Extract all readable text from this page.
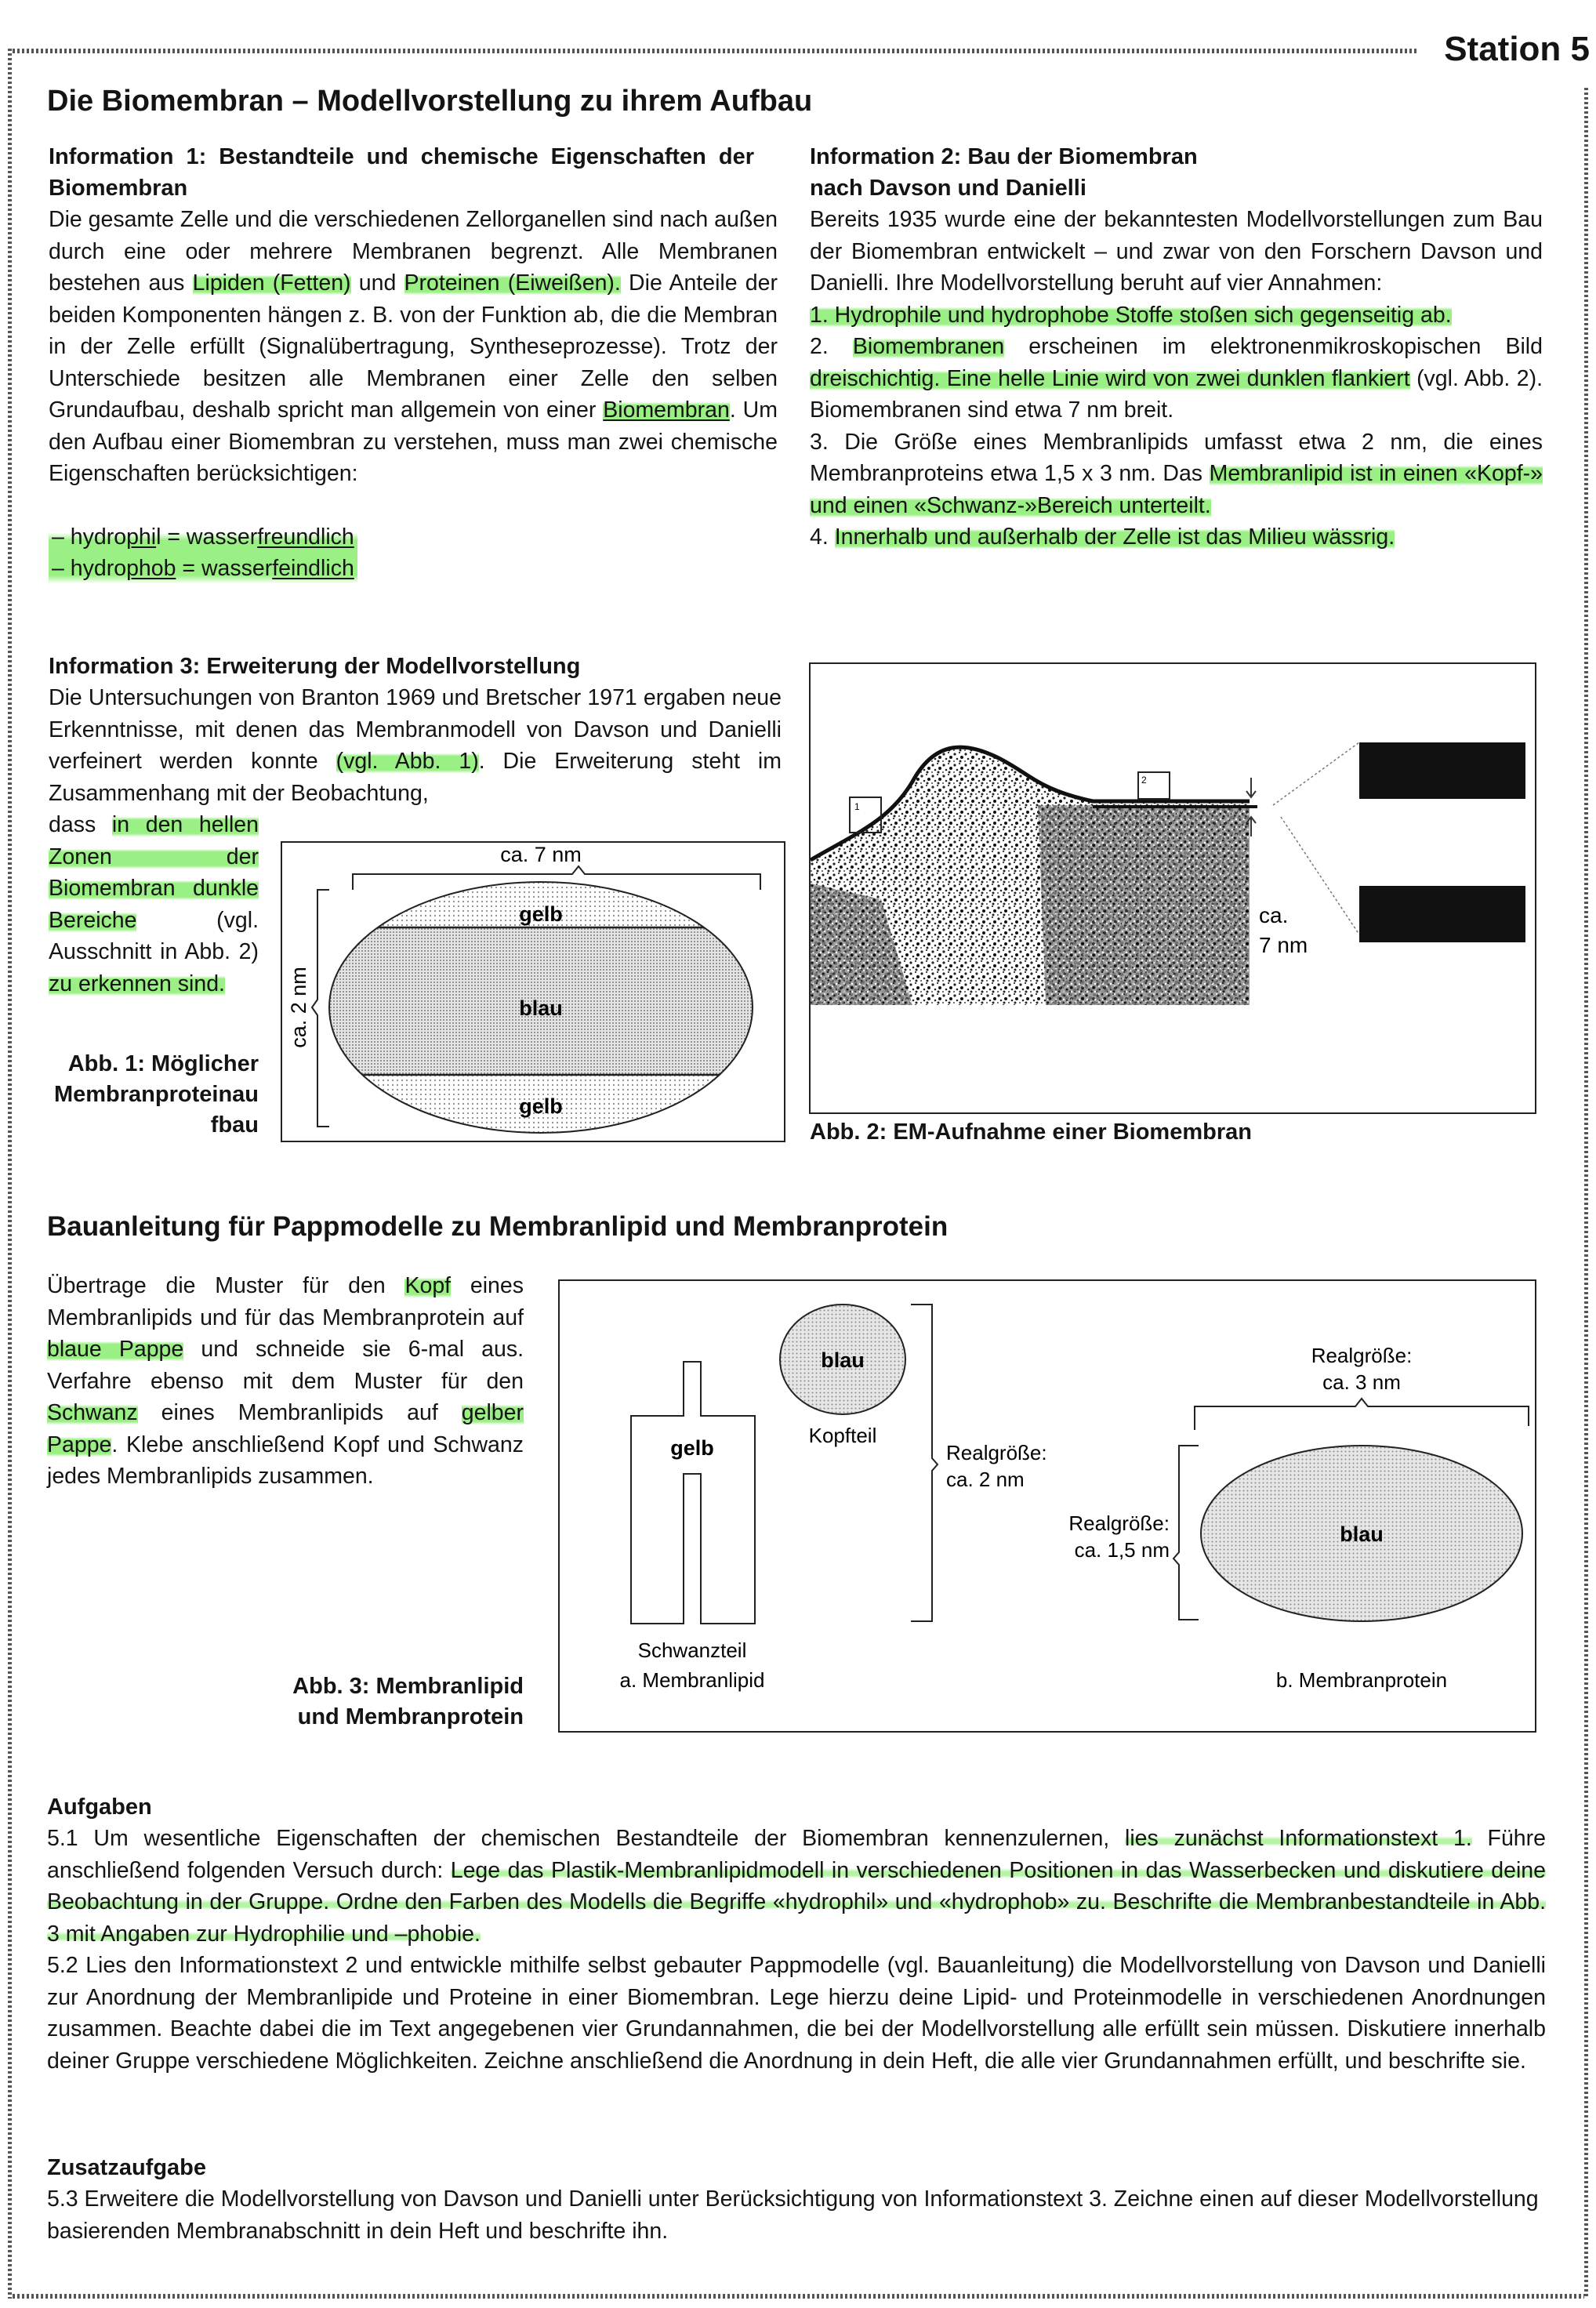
Station 5
Die Biomembran – Modellvorstellung zu ihrem Aufbau
Information 1: Bestandteile und chemische Eigenschaften der Biomembran
Die gesamte Zelle und die verschiedenen Zellorganellen sind nach außen durch eine oder mehrere Membranen begrenzt. Alle Membranen bestehen aus Lipiden (Fetten) und Proteinen (Eiweißen). Die Anteile der beiden Komponenten hängen z. B. von der Funktion ab, die die Membran in der Zelle erfüllt (Signalübertragung, Syntheseprozesse). Trotz der Unterschiede besitzen alle Membranen einer Zelle den selben Grundaufbau, deshalb spricht man allgemein von einer Biomembran. Um den Aufbau einer Biomembran zu verstehen, muss man zwei chemische Eigenschaften berücksichtigen:
– hydrophil = wasserfreundlich
– hydrophob = wasserfeindlich
Information 2: Bau der Biomembran
nach Davson und Danielli
Bereits 1935 wurde eine der bekanntesten Modellvorstellungen zum Bau der Biomembran entwickelt – und zwar von den Forschern Davson und Danielli. Ihre Modellvorstellung beruht auf vier Annahmen:
1. Hydrophile und hydrophobe Stoffe stoßen sich gegenseitig ab.
2. Biomembranen erscheinen im elektronenmikroskopischen Bild dreischichtig. Eine helle Linie wird von zwei dunklen flankiert (vgl. Abb. 2). Biomembranen sind etwa 7 nm breit.
3. Die Größe eines Membranlipids umfasst etwa 2 nm, die eines Membranproteins etwa 1,5 x 3 nm. Das Membranlipid ist in einen «Kopf-» und einen «Schwanz-»Bereich unterteilt.
4. Innerhalb und außerhalb der Zelle ist das Milieu wässrig.
Information 3: Erweiterung der Modellvorstellung
Die Untersuchungen von Branton 1969 und Bretscher 1971 ergaben neue Erkenntnisse, mit denen das Membranmodell von Davson und Danielli verfeinert werden konnte (vgl. Abb. 1). Die Erweiterung steht im Zusammenhang mit der Beobachtung,
dass in den hellen Zonen der Biomembran dunkle Bereiche (vgl. Ausschnitt in Abb. 2) zu erkennen sind.
Abb. 1: Möglicher Membranproteinaufbau
ca. 7 nm
ca. 2 nm
gelb
blau
gelb
1
2
ca.
7 nm
Abb. 2: EM-Aufnahme einer Biomembran
Bauanleitung für Pappmodelle zu Membranlipid und Membranprotein
Übertrage die Muster für den Kopf eines Membranlipids und für das Membranprotein auf blaue Pappe und schneide sie 6-mal aus. Verfahre ebenso mit dem Muster für den Schwanz eines Membranlipids auf gelber Pappe. Klebe anschließend Kopf und Schwanz jedes Membranlipids zusammen.
Abb. 3: Membranlipid
und Membranprotein
gelb
Schwanzteil
a. Membranlipid
blau
Kopfteil
Realgröße:
ca. 2 nm
Realgröße:
ca. 3 nm
Realgröße:
ca. 1,5 nm
blau
b. Membranprotein
Aufgaben
5.1 Um wesentliche Eigenschaften der chemischen Bestandteile der Biomembran kennenzulernen, lies zunächst Informationstext 1. Führe anschließend folgenden Versuch durch: Lege das Plastik-Membranlipidmodell in verschiedenen Positionen in das Wasserbecken und diskutiere deine Beobachtung in der Gruppe. Ordne den Farben des Modells die Begriffe «hydrophil» und «hydrophob» zu. Beschrifte die Membranbestandteile in Abb. 3 mit Angaben zur Hydrophilie und –phobie.
5.2 Lies den Informationstext 2 und entwickle mithilfe selbst gebauter Pappmodelle (vgl. Bauanleitung) die Modellvorstellung von Davson und Danielli zur Anordnung der Membranlipide und Proteine in einer Biomembran. Lege hierzu deine Lipid- und Proteinmodelle in verschiedenen Anordnungen zusammen. Beachte dabei die im Text angegebenen vier Grundannahmen, die bei der Modellvorstellung alle erfüllt sein müssen. Diskutiere innerhalb deiner Gruppe verschiedene Möglichkeiten. Zeichne anschließend die Anordnung in dein Heft, die alle vier Grundannahmen erfüllt, und beschrifte sie.
Zusatzaufgabe
5.3 Erweitere die Modellvorstellung von Davson und Danielli unter Berücksichtigung von Informationstext 3. Zeichne einen auf dieser Modellvorstellung basierenden Membranabschnitt in dein Heft und beschrifte ihn.
